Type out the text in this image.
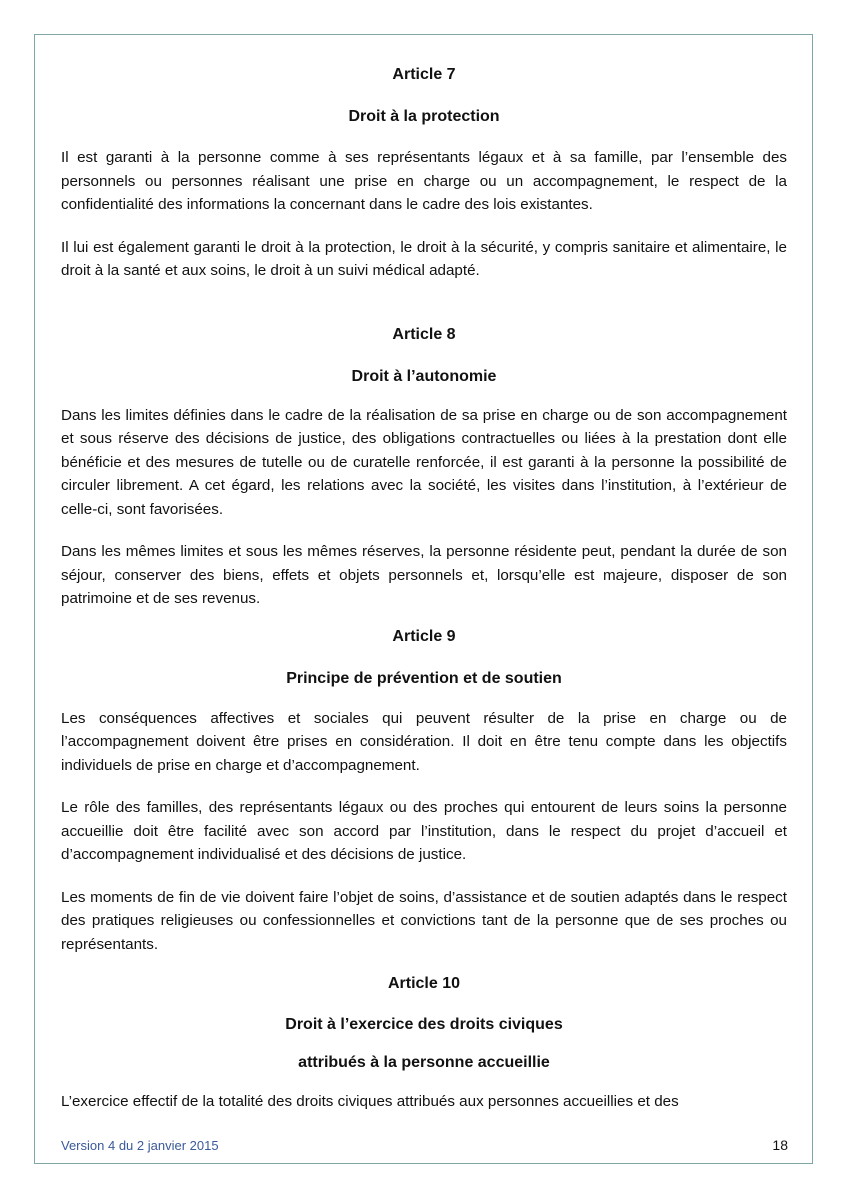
Article 7
Droit à la protection

Il est garanti à la personne comme à ses représentants légaux et à sa famille, par l’ensemble des personnels ou personnes réalisant une prise en charge ou un accompagnement, le respect de la confidentialité des informations la concernant dans le cadre des lois existantes.

Il lui est également garanti le droit à la protection, le droit à la sécurité, y compris sanitaire et alimentaire, le droit à la santé et aux soins, le droit à un suivi médical adapté.

Article 8
Droit à l’autonomie

Dans les limites définies dans le cadre de la réalisation de sa prise en charge ou de son accompagnement et sous réserve des décisions de justice, des obligations contractuelles ou liées à la prestation dont elle bénéficie et des mesures de tutelle ou de curatelle renforcée, il est garanti à la personne la possibilité de circuler librement. A cet égard, les relations avec la société, les visites dans l’institution, à l’extérieur de celle-ci, sont favorisées.

Dans les mêmes limites et sous les mêmes réserves, la personne résidente peut, pendant la durée de son séjour, conserver des biens, effets et objets personnels et, lorsqu’elle est majeure, disposer de son patrimoine et de ses revenus.

Article 9
Principe de prévention et de soutien

Les conséquences affectives et sociales qui peuvent résulter de la prise en charge ou de l’accompagnement doivent être prises en considération. Il doit en être tenu compte dans les objectifs individuels de prise en charge et d’accompagnement.

Le rôle des familles, des représentants légaux ou des proches qui entourent de leurs soins la personne accueillie doit être facilité avec son accord par l’institution, dans le respect du projet d’accueil et d’accompagnement individualisé et des décisions de justice.

Les moments de fin de vie doivent faire l’objet de soins, d’assistance et de soutien adaptés dans le respect des pratiques religieuses ou confessionnelles et convictions tant de la personne que de ses proches ou représentants.

Article 10
Droit à l’exercice des droits civiques
attribués à la personne accueillie

L’exercice effectif de la totalité des droits civiques attribués aux personnes accueillies et des

Version 4 du 2 janvier 2015	18
